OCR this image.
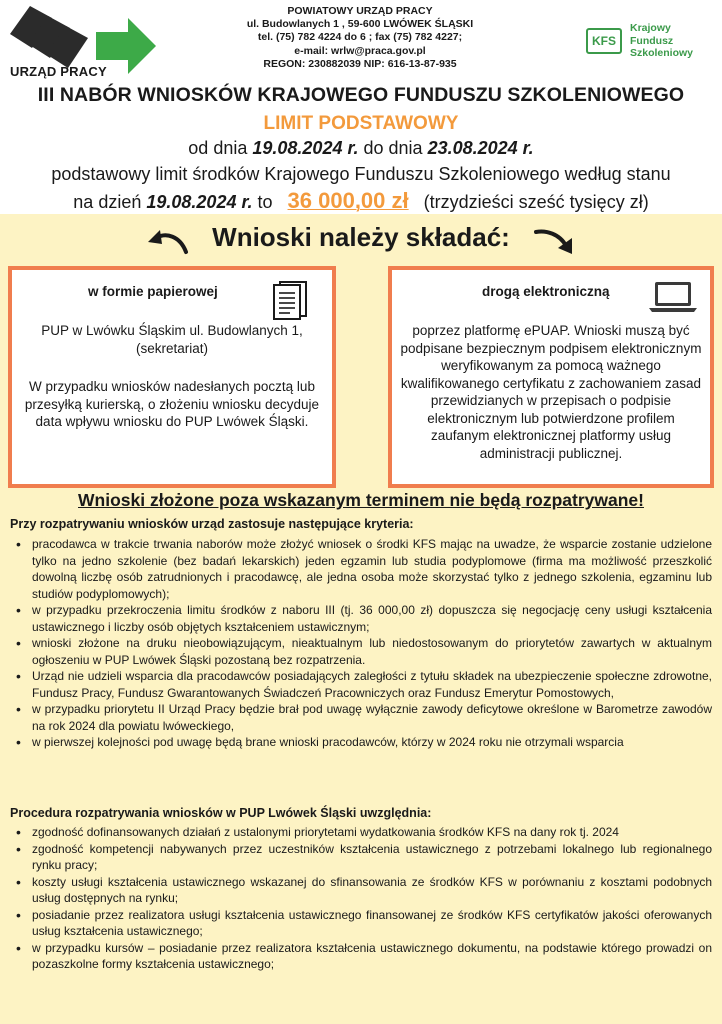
URZĄD PRACY
POWIATOWY URZĄD PRACY
ul. Budowlanych 1 , 59-600 LWÓWEK ŚLĄSKI
tel. (75) 782 4224 do 6 ; fax (75) 782 4227;
e-mail: wrlw@praca.gov.pl
REGON: 230882039 NIP: 616-13-87-935
KFS
Krajowy
Fundusz
Szkoleniowy
III NABÓR WNIOSKÓW KRAJOWEGO FUNDUSZU SZKOLENIOWEGO
LIMIT PODSTAWOWY
od dnia 19.08.2024 r. do dnia 23.08.2024 r.
podstawowy limit środków Krajowego Funduszu Szkoleniowego według stanu
na dzień 19.08.2024 r. to 36 000,00 zł (trzydzieści sześć tysięcy zł)
Wnioski należy składać:
w formie papierowej
PUP w Lwówku Śląskim ul. Budowlanych 1, (sekretariat)
W przypadku wniosków nadesłanych pocztą lub przesyłką kurierską, o złożeniu wniosku decyduje data wpływu wniosku do PUP Lwówek Śląski.
drogą elektroniczną
poprzez platformę ePUAP. Wnioski muszą być podpisane bezpiecznym podpisem elektronicznym weryfikowanym za pomocą ważnego kwalifikowanego certyfikatu z zachowaniem zasad przewidzianych w przepisach o podpisie elektronicznym lub potwierdzone profilem zaufanym elektronicznej platformy usług administracji publicznej.
Wnioski złożone poza wskazanym terminem nie będą rozpatrywane!
Przy rozpatrywaniu wniosków urząd zastosuje następujące kryteria:
• pracodawca w trakcie trwania naborów może złożyć wniosek o środki KFS mając na uwadze, że wsparcie zostanie udzielone tylko na jedno szkolenie (bez badań lekarskich) jeden egzamin lub studia podyplomowe (firma ma możliwość przeszkolić dowolną liczbę osób zatrudnionych i pracodawcę, ale jedna osoba może skorzystać tylko z jednego szkolenia, egzaminu lub studiów podyplomowych);
• w przypadku przekroczenia limitu środków z naboru III (tj. 36 000,00 zł) dopuszcza się negocjację ceny usługi kształcenia ustawicznego i liczby osób objętych kształceniem ustawicznym;
• wnioski złożone na druku nieobowiązującym, nieaktualnym lub niedostosowanym do priorytetów zawartych w aktualnym ogłoszeniu w PUP Lwówek Śląski pozostaną bez rozpatrzenia.
• Urząd nie udzieli wsparcia dla pracodawców posiadających zaległości z tytułu składek na ubezpieczenie społeczne zdrowotne, Fundusz Pracy, Fundusz Gwarantowanych Świadczeń Pracowniczych oraz Fundusz Emerytur Pomostowych,
• w przypadku priorytetu II Urząd Pracy będzie brał pod uwagę wyłącznie zawody deficytowe określone w Barometrze zawodów na rok 2024 dla powiatu lwóweckiego,
• w pierwszej kolejności pod uwagę będą brane wnioski pracodawców, którzy w 2024 roku nie otrzymali wsparcia
Procedura rozpatrywania wniosków w PUP Lwówek Śląski uwzględnia:
• zgodność dofinansowanych działań z ustalonymi priorytetami wydatkowania środków KFS na dany rok tj. 2024
• zgodność kompetencji nabywanych przez uczestników kształcenia ustawicznego z potrzebami lokalnego lub regionalnego rynku pracy;
• koszty usługi kształcenia ustawicznego wskazanej do sfinansowania ze środków KFS w porównaniu z kosztami podobnych usług dostępnych na rynku;
• posiadanie przez realizatora usługi kształcenia ustawicznego finansowanej ze środków KFS certyfikatów jakości oferowanych usług kształcenia ustawicznego;
• w przypadku kursów – posiadanie przez realizatora kształcenia ustawicznego dokumentu, na podstawie którego prowadzi on pozaszkolne formy kształcenia ustawicznego;
